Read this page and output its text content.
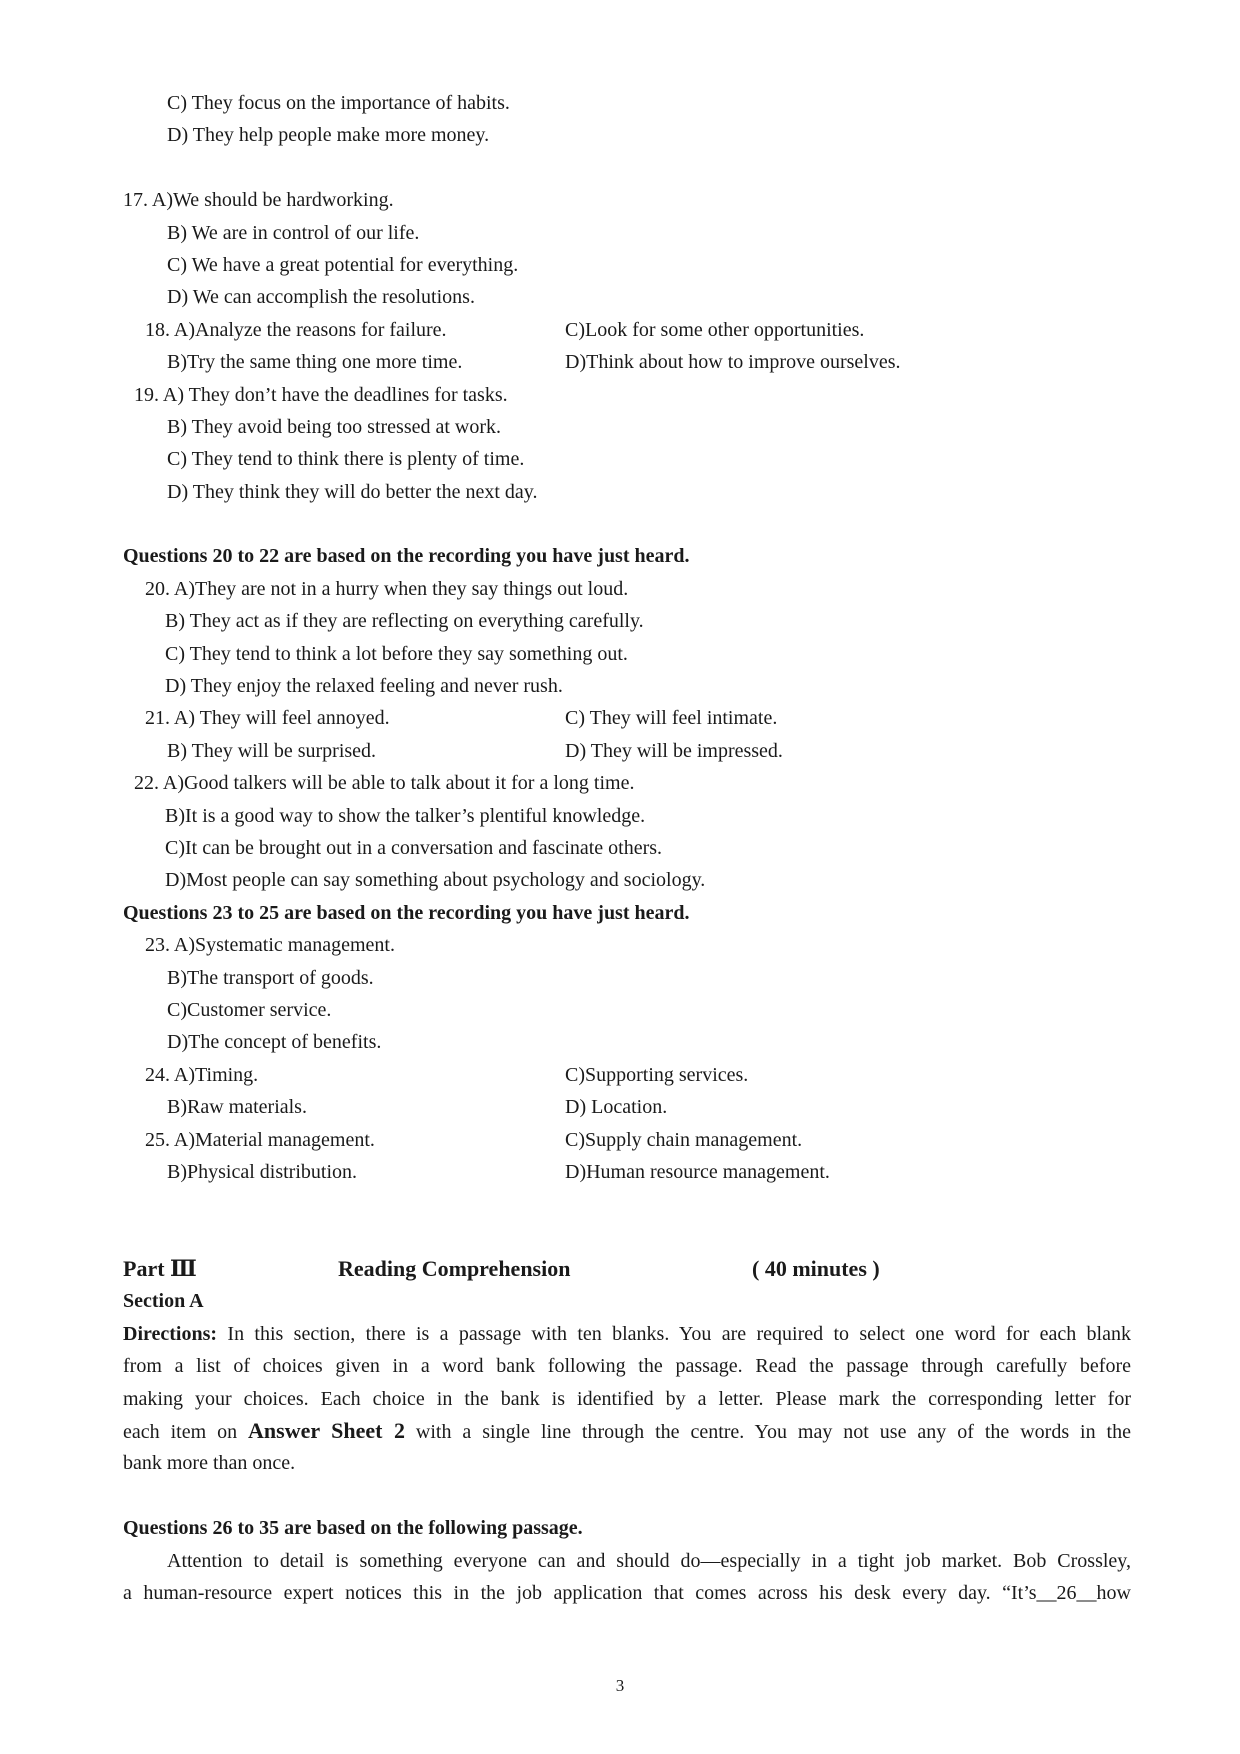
C) They focus on the importance of habits.
D) They help people make more money.
17. A)We should be hardworking.
B) We are in control of our life.
C) We have a great potential for everything.
D) We can accomplish the resolutions.
18. A)Analyze the reasons for failure.	C)Look for some other opportunities.
B)Try the same thing one more time.	D)Think about how to improve ourselves.
19. A) They don’t have the deadlines for tasks.
B) They avoid being too stressed at work.
C) They tend to think there is plenty of time.
D) They think they will do better the next day.
Questions 20 to 22 are based on the recording you have just heard.
20. A)They are not in a hurry when they say things out loud.
B) They act as if they are reflecting on everything carefully.
C) They tend to think a lot before they say something out.
D) They enjoy the relaxed feeling and never rush.
21. A) They will feel annoyed.	C) They will feel intimate.
B) They will be surprised.	D) They will be impressed.
22. A)Good talkers will be able to talk about it for a long time.
B)It is a good way to show the talker’s plentiful knowledge.
C)It can be brought out in a conversation and fascinate others.
D)Most people can say something about psychology and sociology.
Questions 23 to 25 are based on the recording you have just heard.
23. A)Systematic management.
B)The transport of goods.
C)Customer service.
D)The concept of benefits.
24. A)Timing.	C)Supporting services.
B)Raw materials.	D) Location.
25. A)Material management.	C)Supply chain management.
B)Physical distribution.	D)Human resource management.
Part Ⅲ	Reading Comprehension	( 40 minutes )
Section A
Directions: In this section, there is a passage with ten blanks. You are required to select one word for each blank
from a list of choices given in a word bank following the passage. Read the passage through carefully before
making your choices. Each choice in the bank is identified by a letter. Please mark the corresponding letter for
each item on Answer Sheet 2 with a single line through the centre. You may not use any of the words in the
bank more than once.
Questions 26 to 35 are based on the following passage.
Attention to detail is something everyone can and should do—especially in a tight job market. Bob Crossley,
a human-resource expert notices this in the job application that comes across his desk every day. “It’s__26__how
3
